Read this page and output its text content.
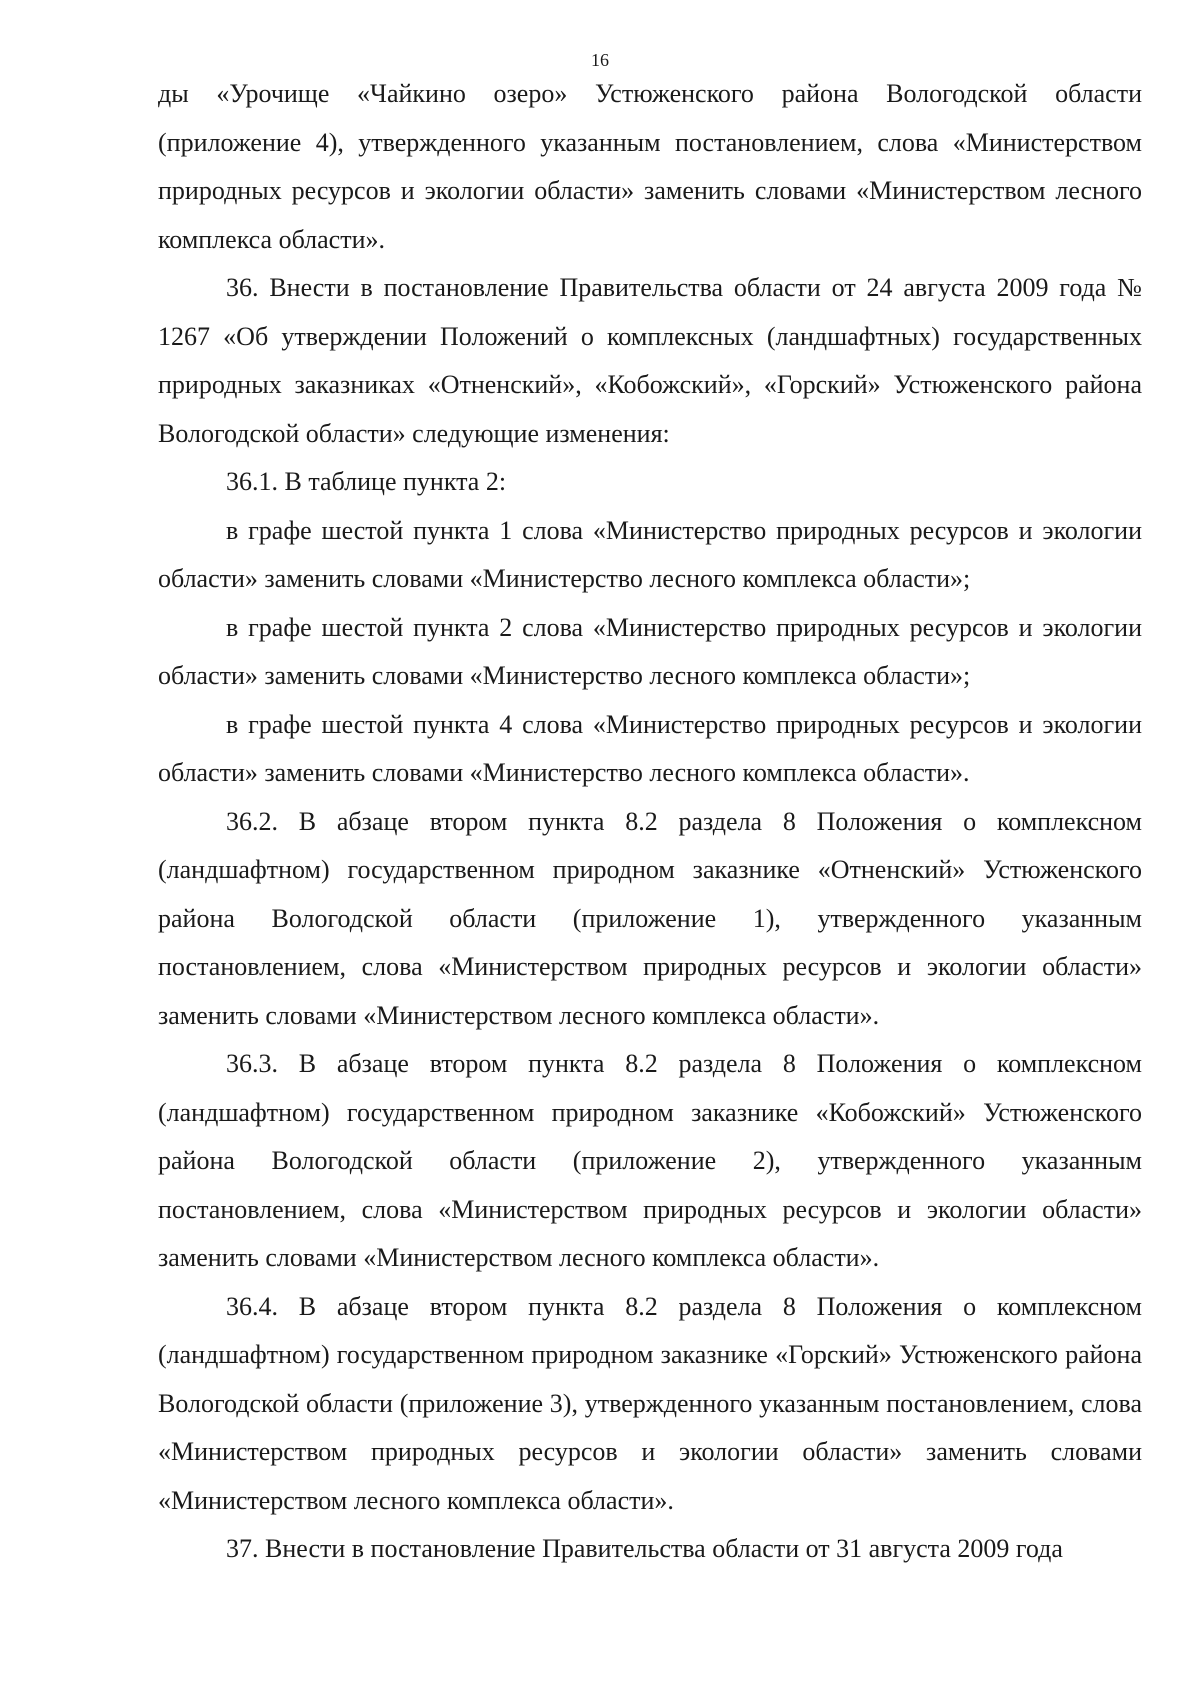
16

ды «Урочище «Чайкино озеро» Устюженского района Вологодской области (приложение 4), утвержденного указанным постановлением, слова «Министерством природных ресурсов и экологии области» заменить словами «Министерством лесного комплекса области».

36. Внести в постановление Правительства области от 24 августа 2009 года № 1267 «Об утверждении Положений о комплексных (ландшафтных) государственных природных заказниках «Отненский», «Кобожский», «Горский» Устюженского района Вологодской области» следующие изменения:

36.1. В таблице пункта 2:

в графе шестой пункта 1 слова «Министерство природных ресурсов и экологии области» заменить словами «Министерство лесного комплекса области»;

в графе шестой пункта 2 слова «Министерство природных ресурсов и экологии области» заменить словами «Министерство лесного комплекса области»;

в графе шестой пункта 4 слова «Министерство природных ресурсов и экологии области» заменить словами «Министерство лесного комплекса области».

36.2. В абзаце втором пункта 8.2 раздела 8 Положения о комплексном (ландшафтном) государственном природном заказнике «Отненский» Устюженского района Вологодской области (приложение 1), утвержденного указанным постановлением, слова «Министерством природных ресурсов и экологии области» заменить словами «Министерством лесного комплекса области».

36.3. В абзаце втором пункта 8.2 раздела 8 Положения о комплексном (ландшафтном) государственном природном заказнике «Кобожский» Устюженского района Вологодской области (приложение 2), утвержденного указанным постановлением, слова «Министерством природных ресурсов и экологии области» заменить словами «Министерством лесного комплекса области».

36.4. В абзаце втором пункта 8.2 раздела 8 Положения о комплексном (ландшафтном) государственном природном заказнике «Горский» Устюженского района Вологодской области (приложение 3), утвержденного указанным постановлением, слова «Министерством природных ресурсов и экологии области» заменить словами «Министерством лесного комплекса области».

37. Внести в постановление Правительства области от 31 августа 2009 года
